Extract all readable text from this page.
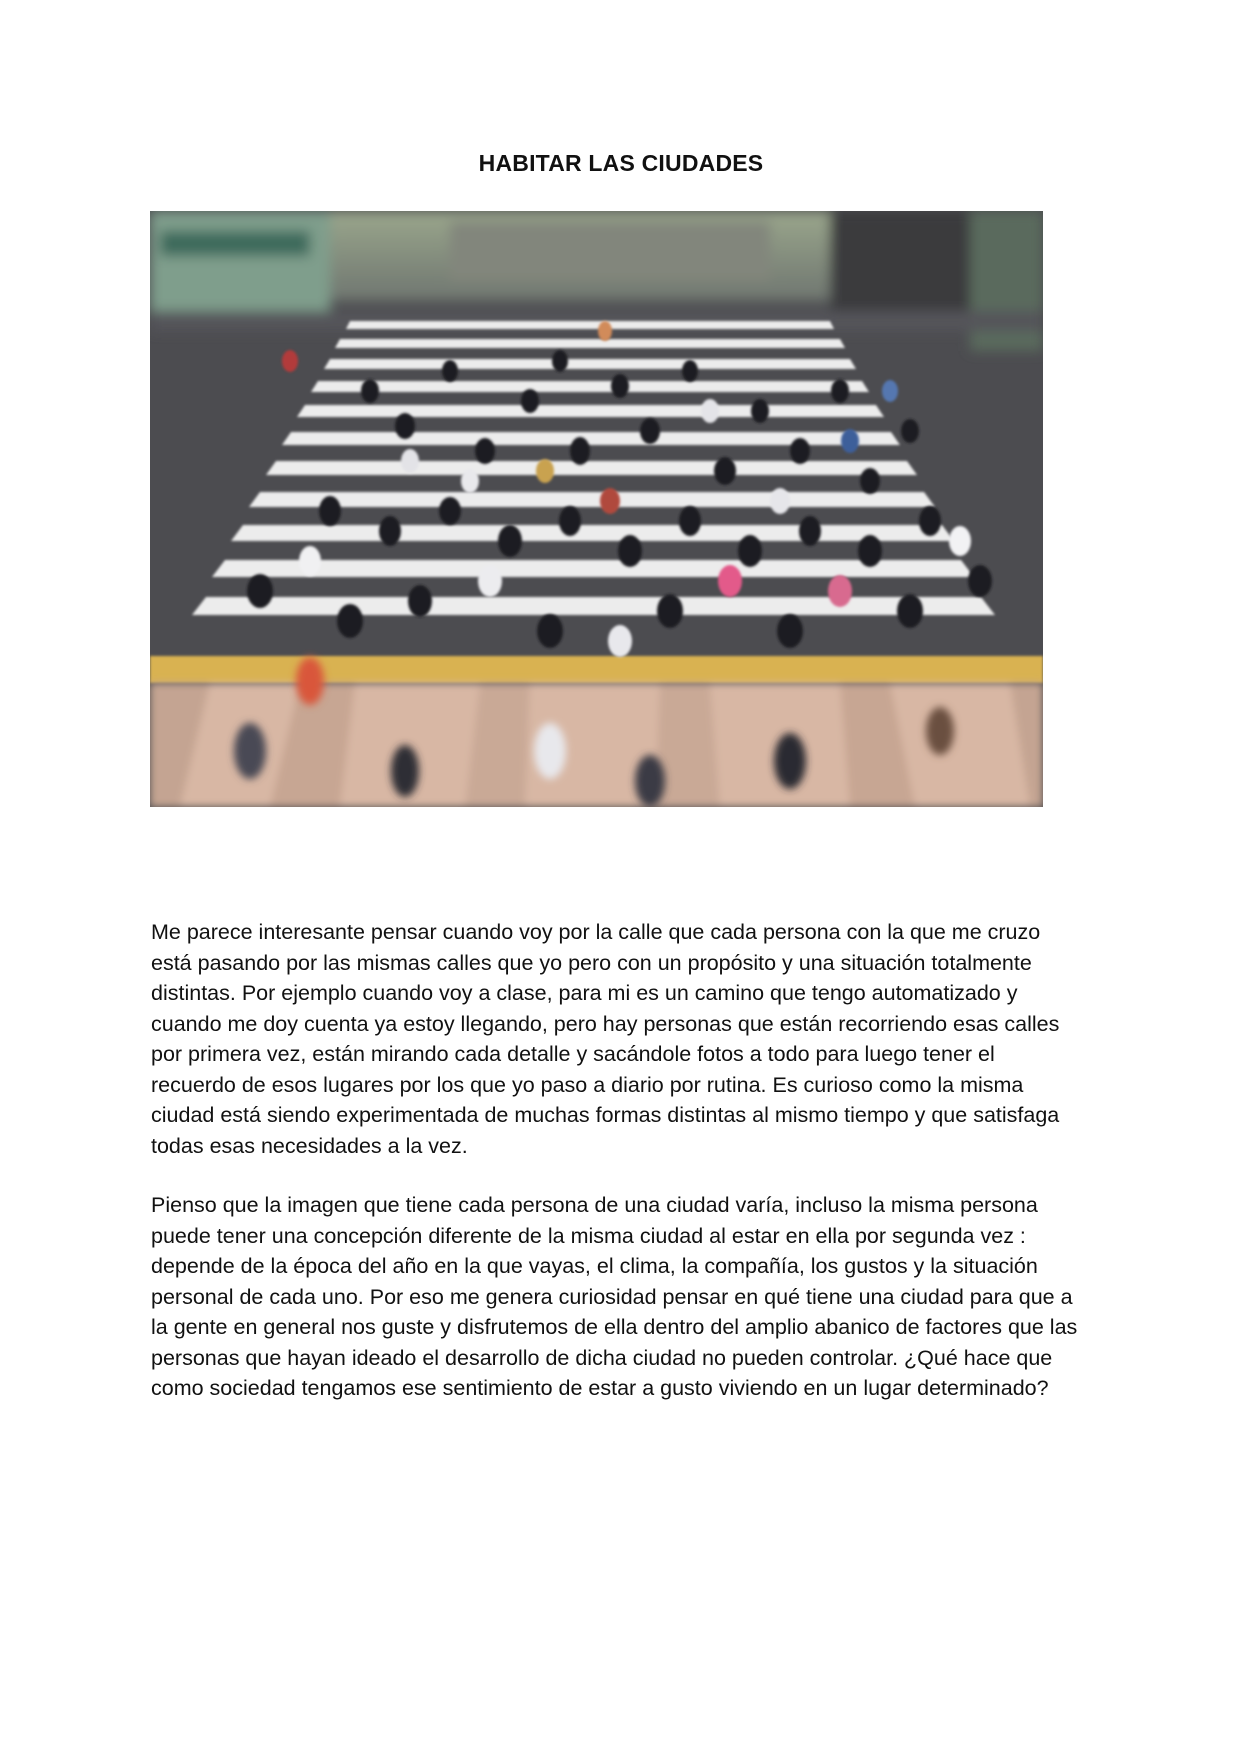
HABITAR LAS CIUDADES

Me parece interesante pensar cuando voy por la calle que cada persona con la que me cruzo está pasando por las mismas calles que yo pero con un propósito y una situación totalmente distintas. Por ejemplo cuando voy a clase, para mi es un camino que tengo automatizado y cuando me doy cuenta ya estoy llegando, pero hay personas que están recorriendo esas calles por primera vez, están mirando cada detalle y sacándole fotos a todo para luego tener el recuerdo de esos lugares por los que yo paso a diario por rutina. Es curioso como la misma ciudad está siendo experimentada de muchas formas distintas al mismo tiempo y que satisfaga todas esas necesidades a la vez.

Pienso que la imagen que tiene cada persona de una ciudad varía, incluso la misma persona puede tener una concepción diferente de la misma ciudad al estar en ella por segunda vez : depende de la época del año en la que vayas, el clima, la compañía, los gustos y la situación personal de cada uno. Por eso me genera curiosidad pensar en qué tiene una ciudad para que a la gente en general nos guste y disfrutemos de ella dentro del amplio abanico de factores que las personas que hayan ideado el desarrollo de dicha ciudad no pueden controlar. ¿Qué hace que como sociedad tengamos ese sentimiento de estar a gusto viviendo en un lugar determinado?
